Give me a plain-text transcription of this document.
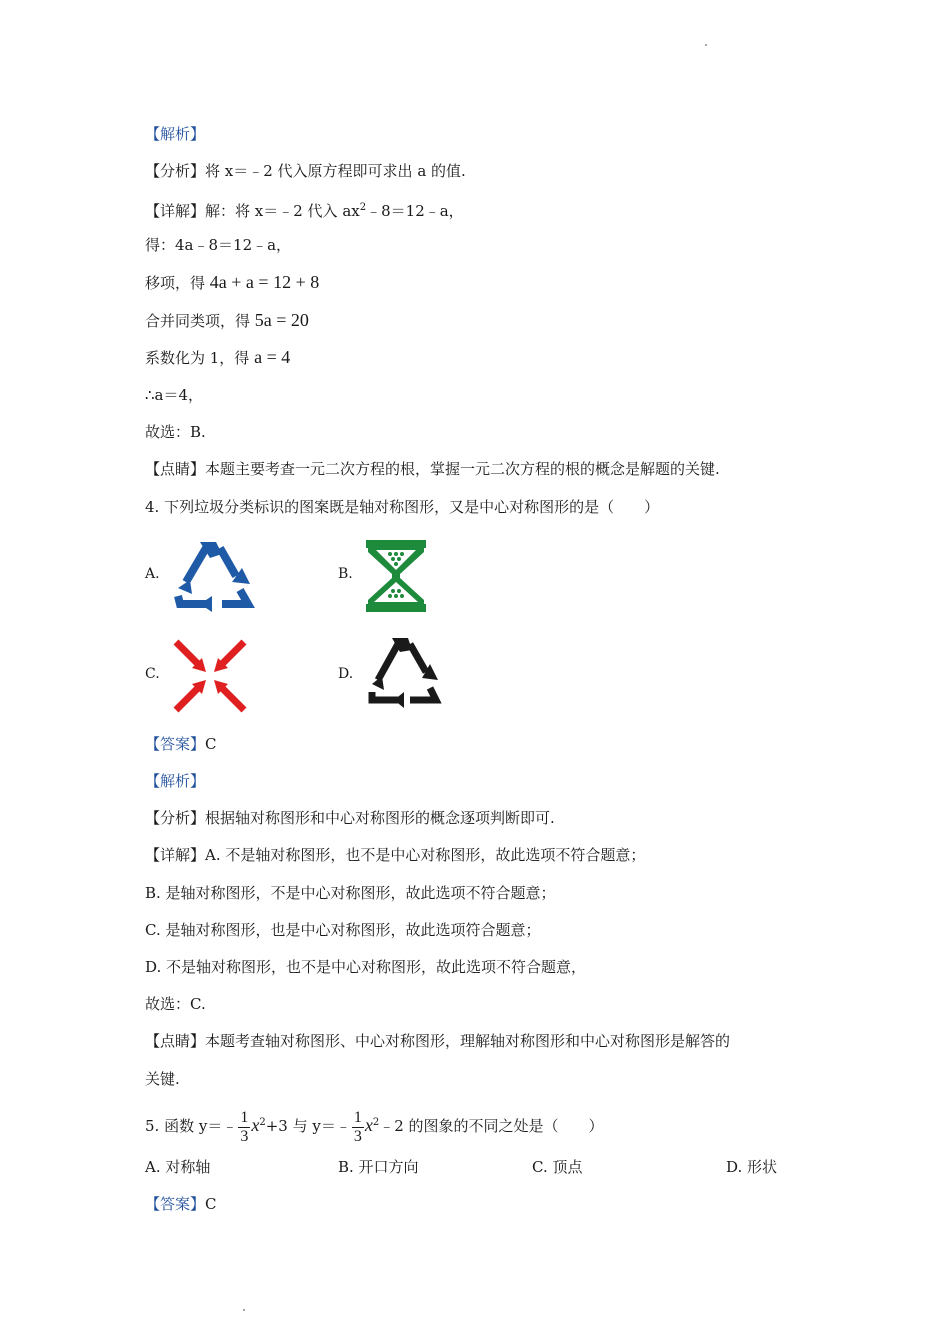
【解析】
【分析】将 x＝﹣2 代入原方程即可求出 a 的值.
【详解】解：将 x＝﹣2 代入 $ax^2﹣8=12﹣a$，
得：4a﹣8＝12﹣a，
移项，得 4a + a = 12 + 8
合并同类项，得 5a = 20
系数化为 1，得 a = 4
∴a＝4，
故选：B.
【点睛】本题主要考查一元二次方程的根，掌握一元二次方程的根的概念是解题的关键.
4. 下列垃圾分类标识的图案既是轴对称图形，又是中心对称图形的是（　　）
A.	B.
C.	D.
【答案】C
【解析】
【分析】根据轴对称图形和中心对称图形的概念逐项判断即可.
【详解】A. 不是轴对称图形，也不是中心对称图形，故此选项不符合题意；
B. 是轴对称图形，不是中心对称图形，故此选项不符合题意；
C. 是轴对称图形，也是中心对称图形，故此选项符合题意；
D. 不是轴对称图形，也不是中心对称图形，故此选项不符合题意，
故选：C.
【点睛】本题考查轴对称图形、中心对称图形，理解轴对称图形和中心对称图形是解答的
关键.
5. 函数 y＝﹣ $\frac{1}{3} x^2+3$ 与 y＝﹣ $\frac{1}{3}$ $x^2﹣2$ 的图象的不同之处是（　　）
A. 对称轴	B. 开口方向	C. 顶点	D. 形状
【答案】C
